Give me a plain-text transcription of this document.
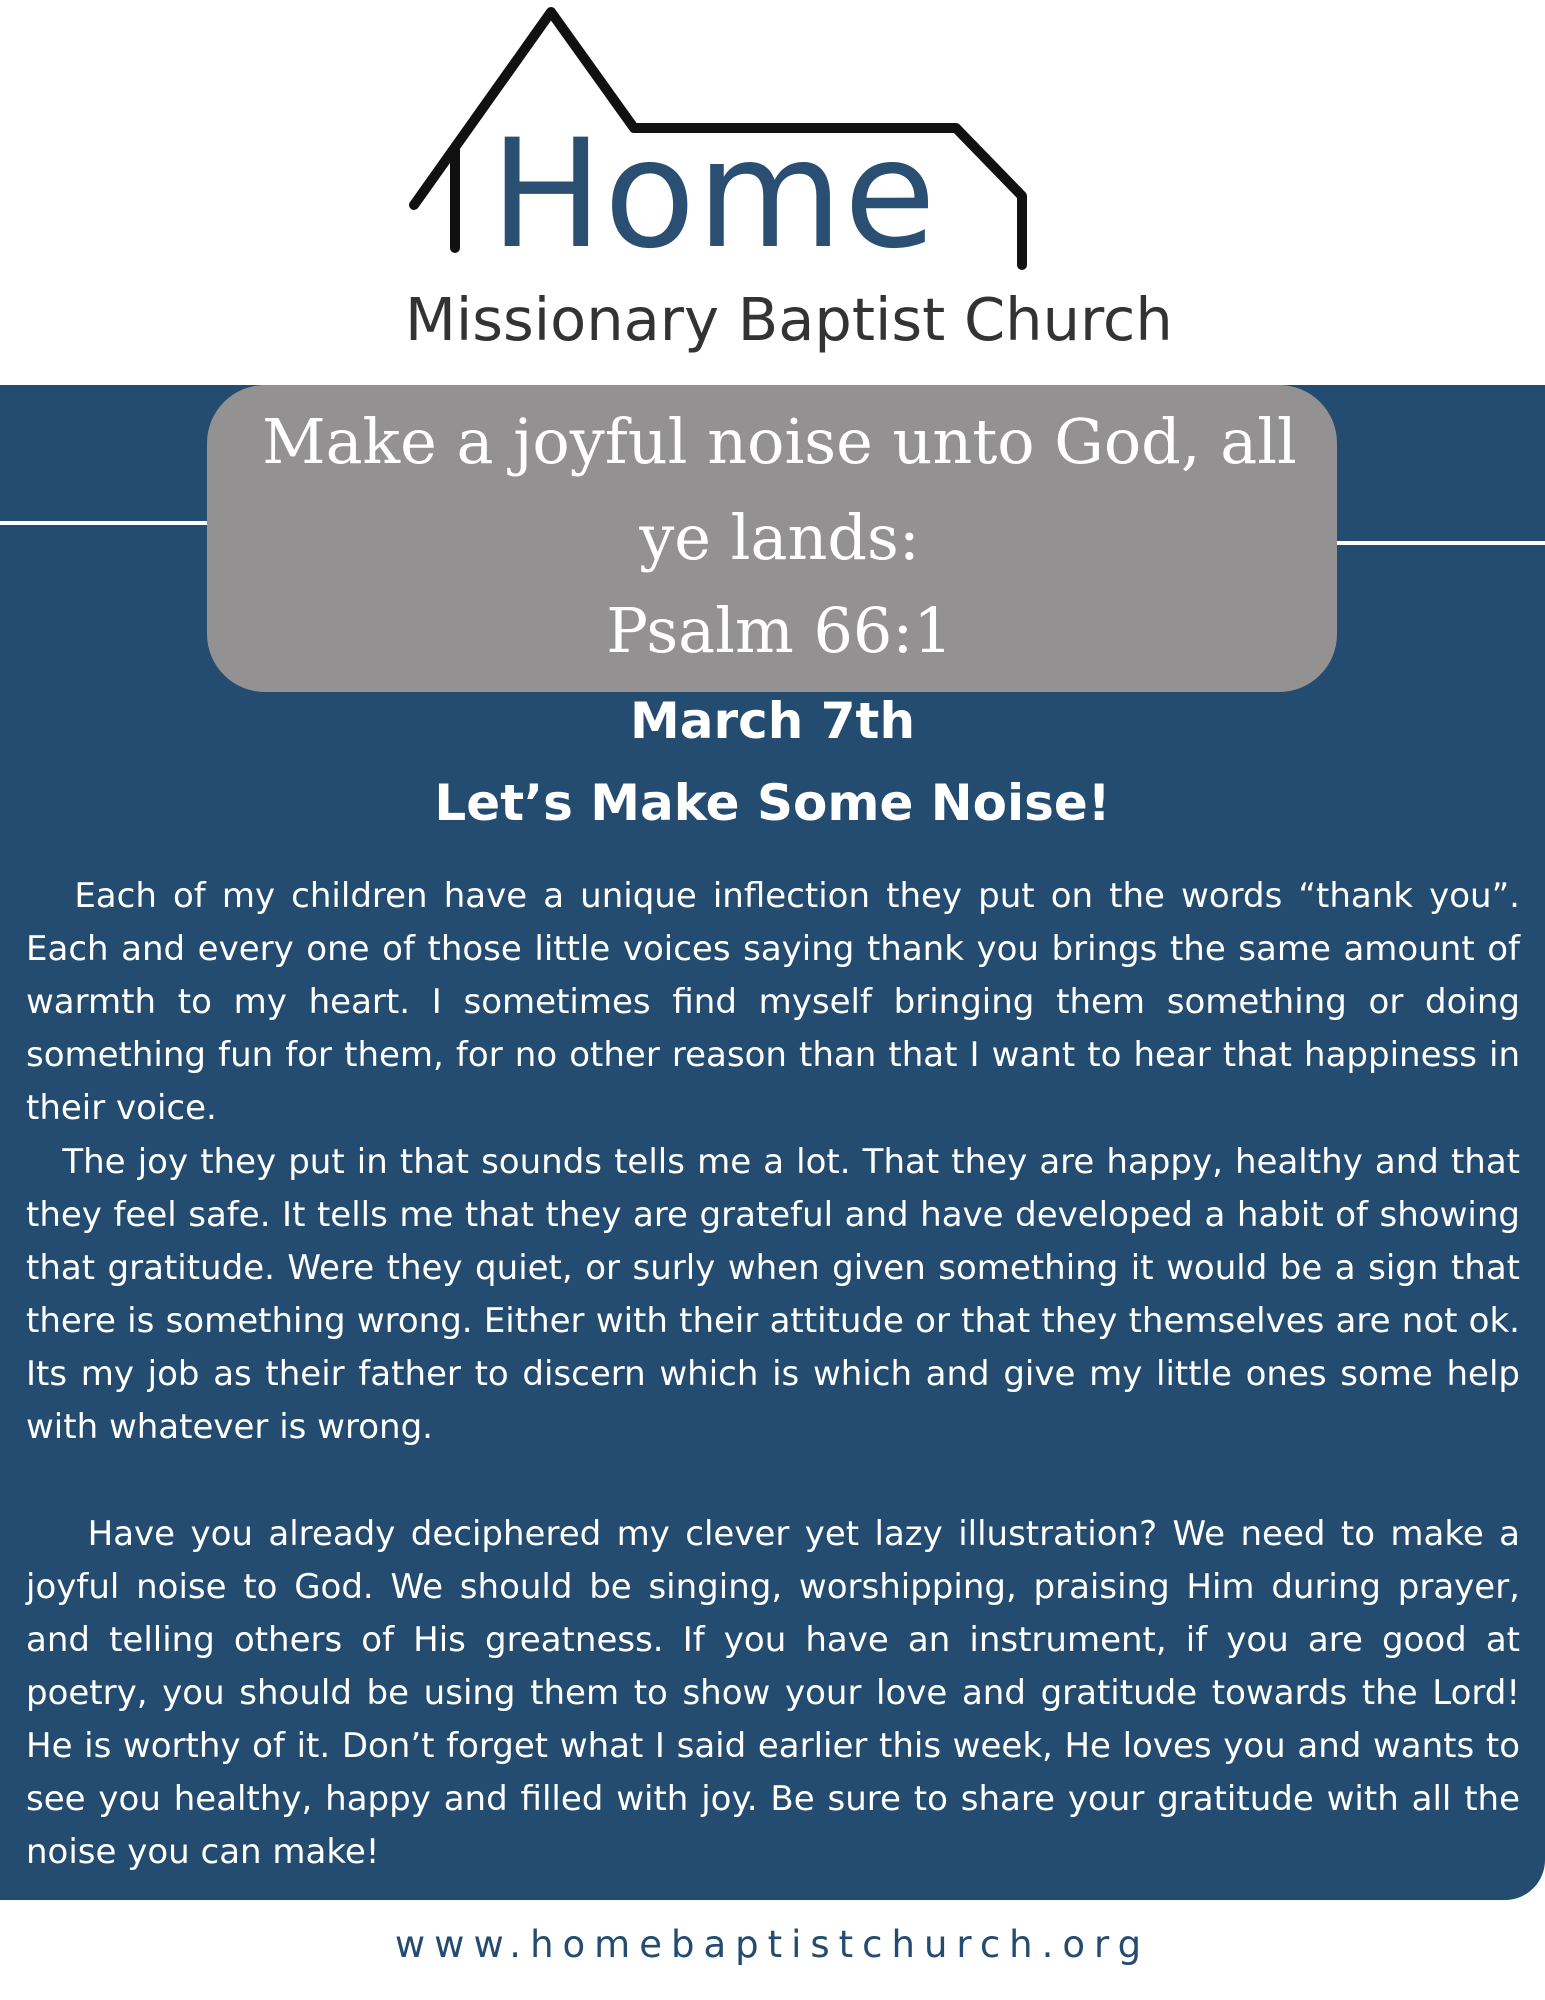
Home
Missionary Baptist Church
Make a joyful noise unto God, all
ye lands:
Psalm 66:1
March 7th
Let’s Make Some Noise!

Each of my children have a unique inflection they put on the words “thank you”. Each and every one of those little voices saying thank you brings the same amount of warmth to my heart. I sometimes find myself bringing them something or doing something fun for them, for no other reason than that I want to hear that happiness in their voice.

The joy they put in that sounds tells me a lot. That they are happy, healthy and that they feel safe. It tells me that they are grateful and have developed a habit of showing that gratitude. Were they quiet, or surly when given something it would be a sign that there is something wrong. Either with their attitude or that they themselves are not ok. Its my job as their father to discern which is which and give my little ones some help with whatever is wrong.

Have you already deciphered my clever yet lazy illustration? We need to make a joyful noise to God. We should be singing, worshipping, praising Him during prayer, and telling others of His greatness. If you have an instrument, if you are good at poetry, you should be using them to show your love and gratitude towards the Lord! He is worthy of it. Don’t forget what I said earlier this week, He loves you and wants to see you healthy, happy and filled with joy. Be sure to share your gratitude with all the noise you can make!

www.homebaptistchurch.org
